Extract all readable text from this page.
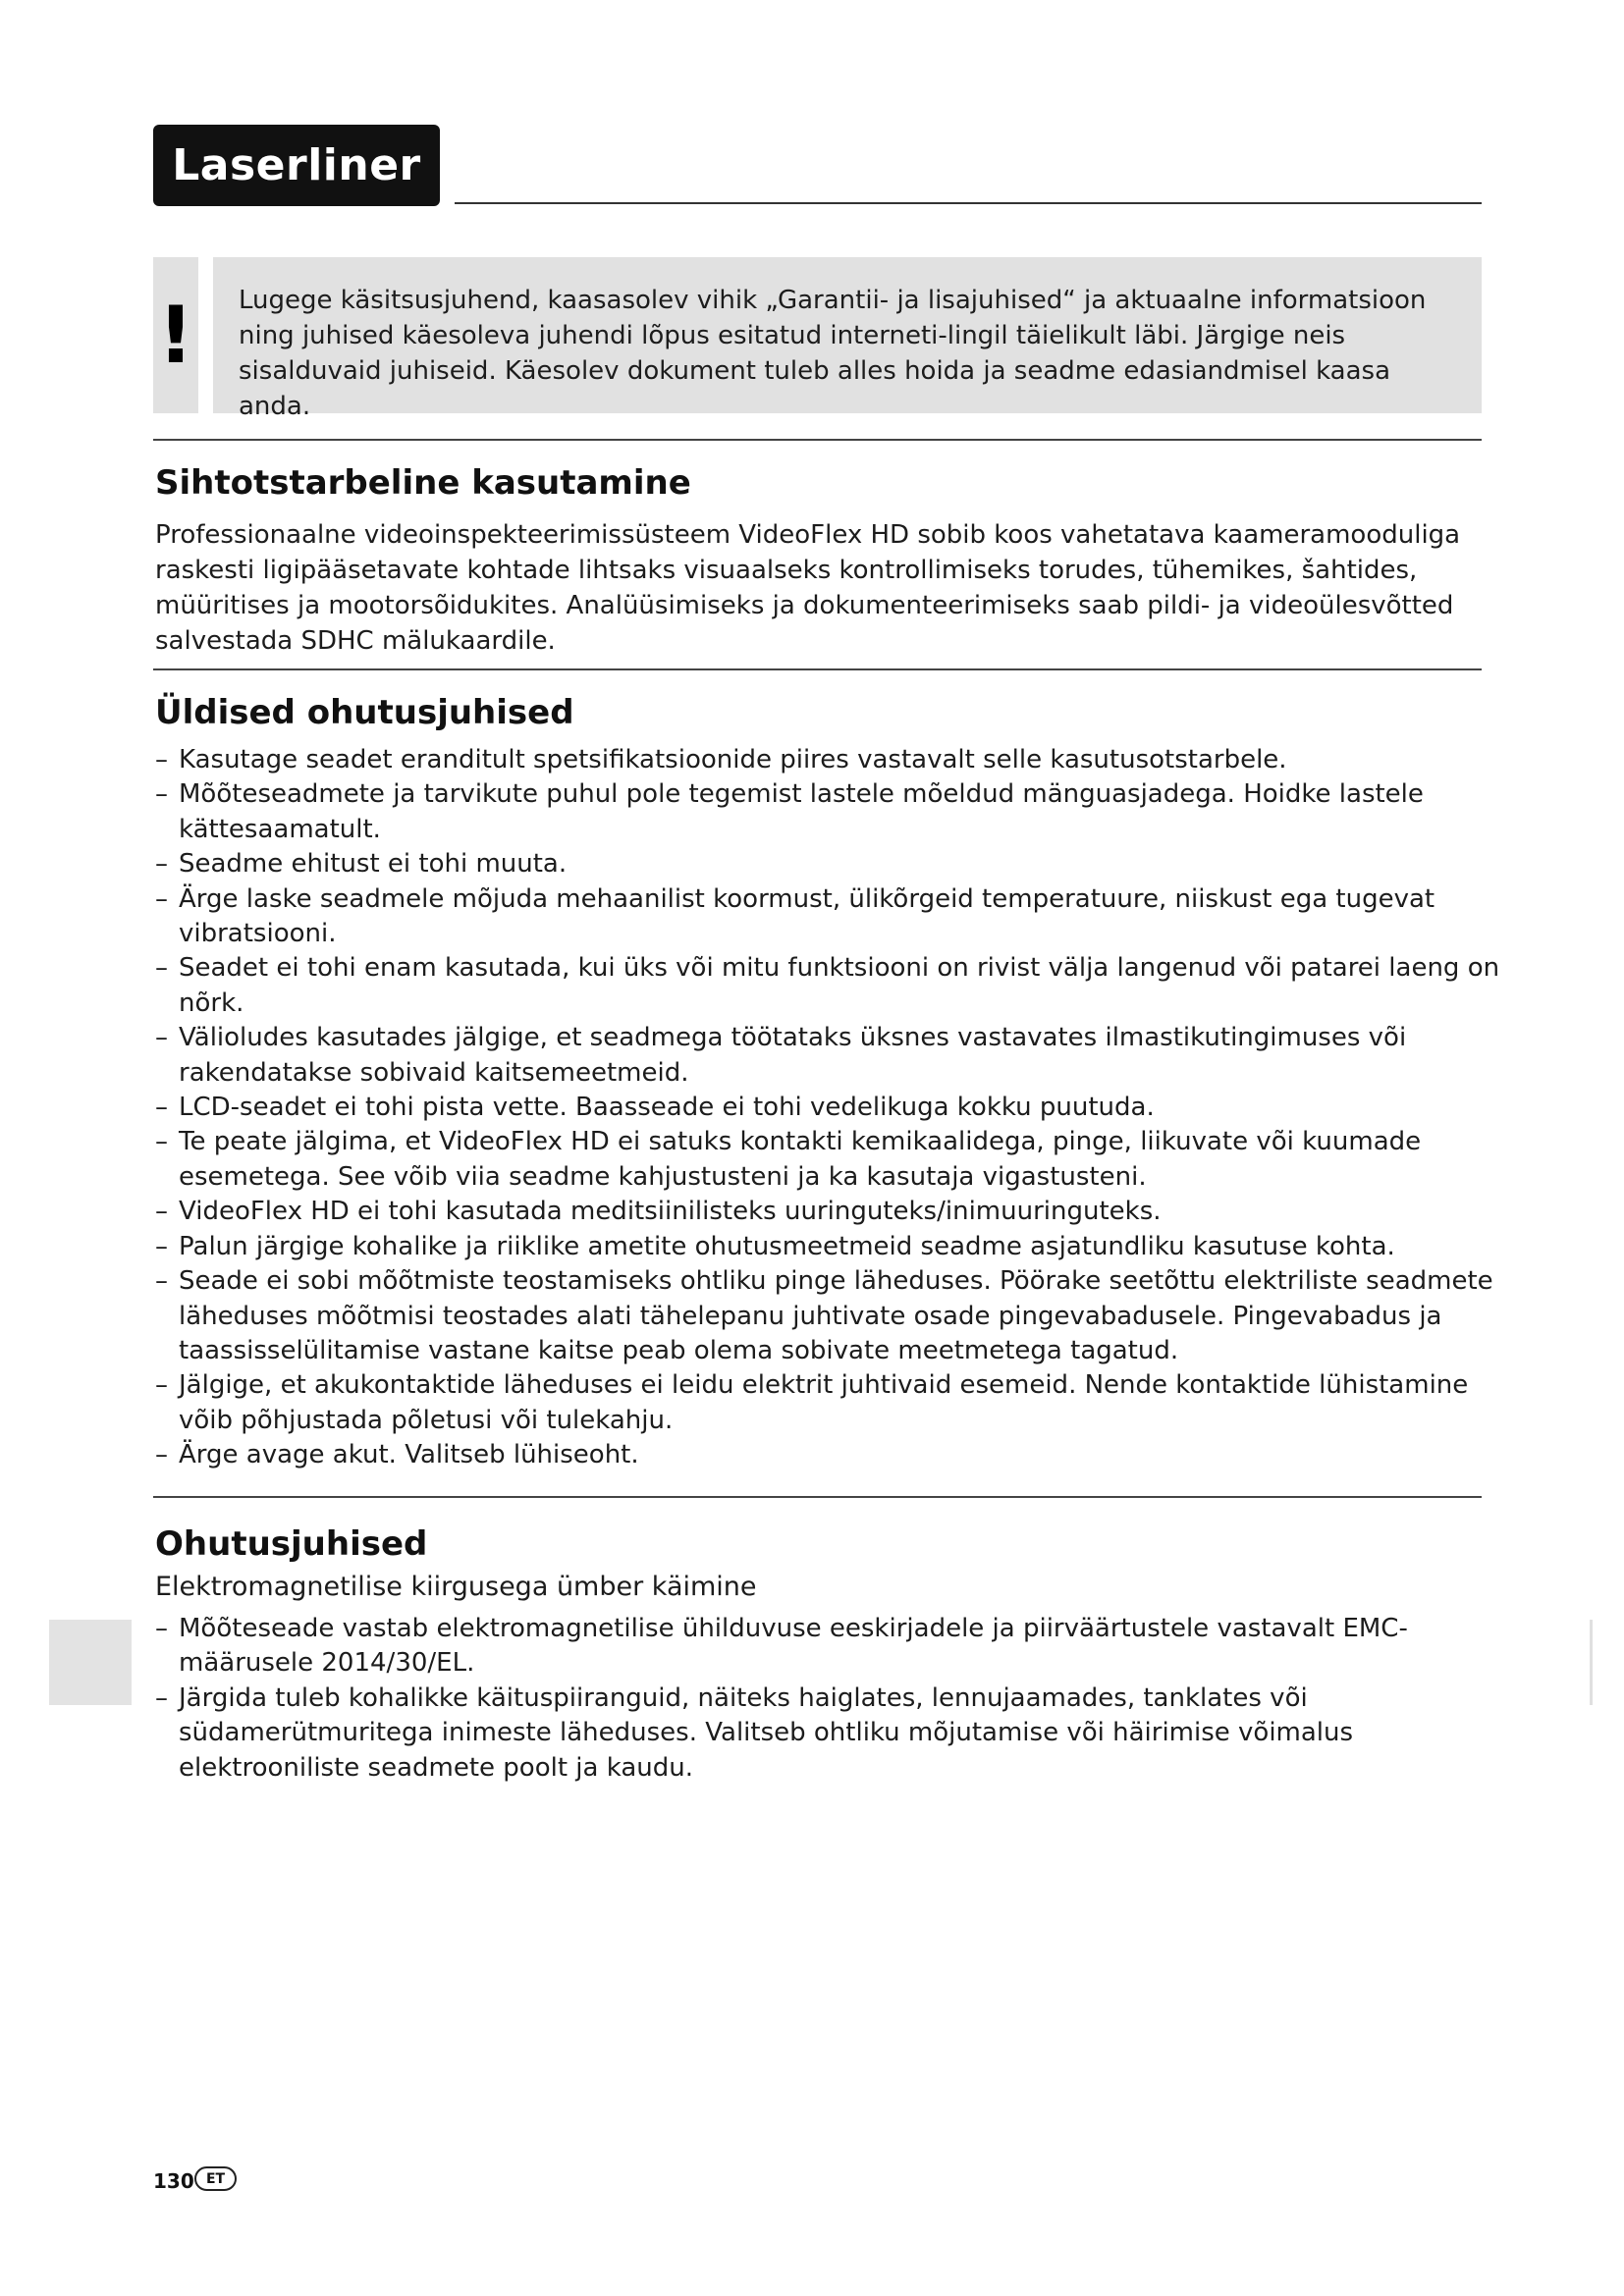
Laserliner
! Lugege käsitsusjuhend, kaasasolev vihik „Garantii- ja lisajuhised“ ja aktuaalne informatsioon ning juhised käesoleva juhendi lõpus esitatud interneti-lingil täielikult läbi. Järgige neis sisalduvaid juhiseid. Käesolev dokument tuleb alles hoida ja seadme edasiandmisel kaasa anda.

Sihtotstarbeline kasutamine

Professionaalne videoinspekteerimissüsteem VideoFlex HD sobib koos vahetatava kaameramooduliga raskesti ligipääsetavate kohtade lihtsaks visuaalseks kontrollimiseks torudes, tühemikes, šahtides, müüritises ja mootorsõidukites. Analüüsimiseks ja dokumenteerimiseks saab pildi- ja videoülesvõtted salvestada SDHC mälukaardile.

Üldised ohutusjuhised
– Kasutage seadet eranditult spetsifikatsioonide piires vastavalt selle kasutusotstarbele.
– Mõõteseadmete ja tarvikute puhul pole tegemist lastele mõeldud mänguasjadega. Hoidke lastele kättesaamatult.
– Seadme ehitust ei tohi muuta.
– Ärge laske seadmele mõjuda mehaanilist koormust, ülikõrgeid temperatuure, niiskust ega tugevat vibratsiooni.
– Seadet ei tohi enam kasutada, kui üks või mitu funktsiooni on rivist välja langenud või patarei laeng on nõrk.
– Välioludes kasutades jälgige, et seadmega töötataks üksnes vastavates ilmastikutingimuses või rakendatakse sobivaid kaitsemeetmeid.
– LCD-seadet ei tohi pista vette. Baasseade ei tohi vedelikuga kokku puutuda.
– Te peate jälgima, et VideoFlex HD ei satuks kontakti kemikaalidega, pinge, liikuvate või kuumade esemetega. See võib viia seadme kahjustusteni ja ka kasutaja vigastusteni.
– VideoFlex HD ei tohi kasutada meditsiinilisteks uuringuteks/inimuuringuteks.
– Palun järgige kohalike ja riiklike ametite ohutusmeetmeid seadme asjatundliku kasutuse kohta.
– Seade ei sobi mõõtmiste teostamiseks ohtliku pinge läheduses. Pöörake seetõttu elektriliste seadmete läheduses mõõtmisi teostades alati tähelepanu juhtivate osade pingevabadusele. Pingevabadus ja taassisselülitamise vastane kaitse peab olema sobivate meetmetega tagatud.
– Jälgige, et akukontaktide läheduses ei leidu elektrit juhtivaid esemeid. Nende kontaktide lühistamine võib põhjustada põletusi või tulekahju.
– Ärge avage akut. Valitseb lühiseoht.
Ohutusjuhised

Elektromagnetilise kiirgusega ümber käimine

– Mõõteseade vastab elektromagnetilise ühilduvuse eeskirjadele ja piirväärtustele vastavalt EMC-määrusele 2014/30/EL.
– Järgida tuleb kohalikke käituspiiranguid, näiteks haiglates, lennujaamades, tanklates või südamerütmuritega inimeste läheduses. Valitseb ohtliku mõjutamise või häirimise võimalus elektrooniliste seadmete poolt ja kaudu.
130 ET
